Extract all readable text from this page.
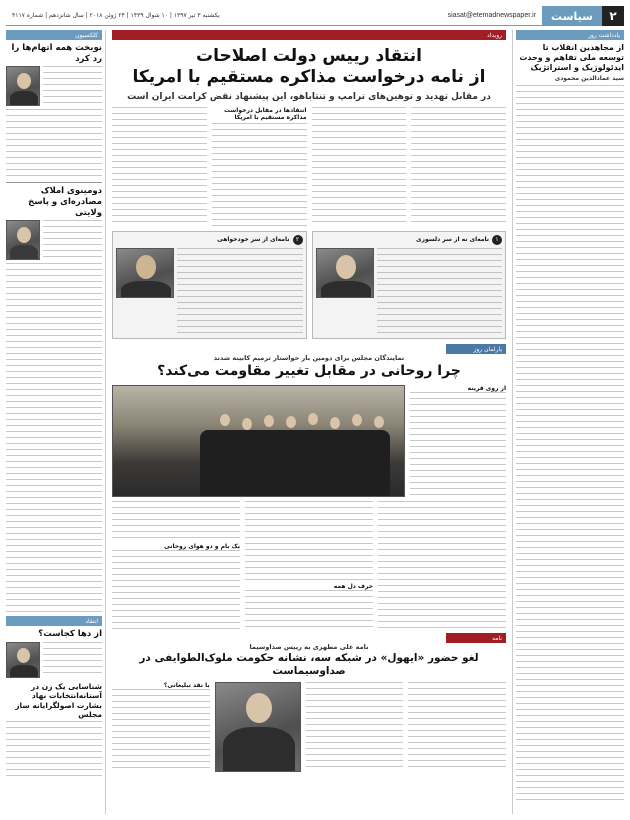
۲
سیاست
siasat@etemadnewspaper.ir
یکشنبه ۳ تیر ۱۳۹۷ | ۱۰ شوال ۱۴۳۹ | ۲۴ ژوئن ۲۰۱۸ | سال شانزدهم | شماره ۴۱۱۷
یادداشت روز
از مجاهدین انقلاب تا توسعه ملی تفاهم و وحدت ایدئولوژیک و استراتژیک
سید عمادالدین محمودی
کلکسیون
نوبخت همه اتهام‌ها را رد کرد
دومینوی املاک مصادره‌ای و پاسخ ولایتی
انتقاد
از دها کجاست؟
شناسایی یک زن در آستانه‌انتخابات نهاد بشارت اصولگرایانه ساز مجلس
رویداد
انتقاد رییس دولت اصلاحات
از نامه درخواست مذاکره مستقیم با امریکا
در مقابل تهدید و توهین‌های ترامپ و تنتاباهو، این پیشنهاد نقض کرامت ایران است
انتقادها در مقابل درخواست مذاکره مستقیم با امریکا
۱
نامه‌ای نه از سر دلسوزی
۲
نامه‌ای از سر خودخواهی
پارلمان روز
نمایندگان مجلس برای دومین بار خواستار ترمیم کابینه شدند
چرا روحانی در مقابل تغییر مقاومت می‌کند؟
از روی قرینه
حرف دل همه
یک بام و دو هوای روحانی
نامه
نامه علی مطهری به رییس صداوسیما
لغو حضور «ایهول» در شبکه سه، نشانه حکومت ملوک‌الطوایفی در صداوسیماست
با نقد تبلیغاتی؟
